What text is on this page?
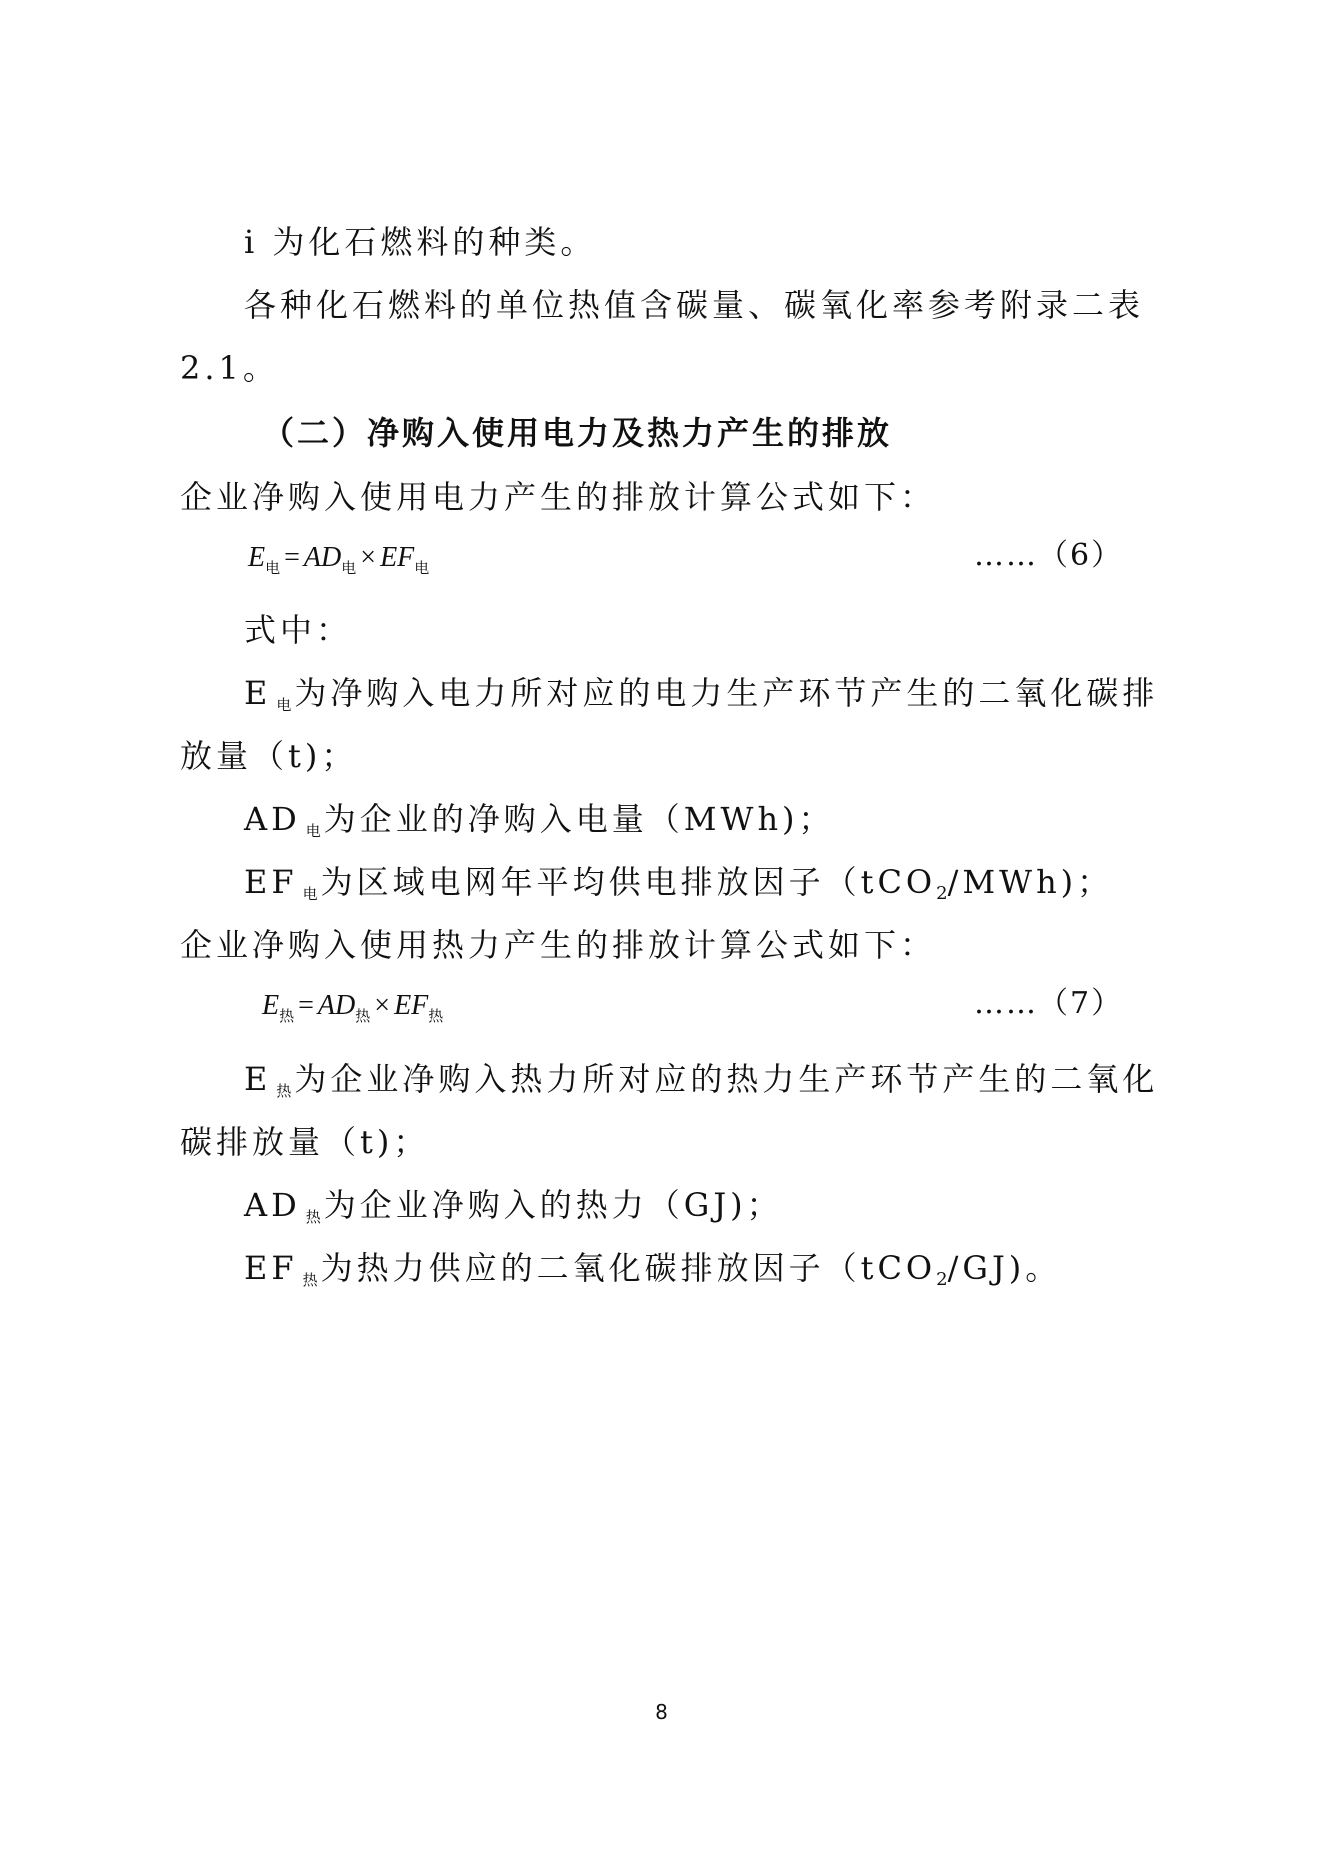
i 为化石燃料的种类。
各种化石燃料的单位热值含碳量、碳氧化率参考附录二表
2.1。
（二）净购入使用电力及热力产生的排放
企业净购入使用电力产生的排放计算公式如下：
$E_电 = AD_电 \times EF_电$	……（6）
式中：
E $_电$为净购入电力所对应的电力生产环节产生的二氧化碳排
放量（t)；
AD $_电$为企业的净购入电量（MWh)；
EF $_电$为区域电网年平均供电排放因子（tCO2/MWh)；
企业净购入使用热力产生的排放计算公式如下：
$E_热 = AD_热 \times EF_热$	……（7）
E $_热$为企业净购入热力所对应的热力生产环节产生的二氧化
碳排放量（t)；
AD $_热$为企业净购入的热力（GJ)；
EF $_热$为热力供应的二氧化碳排放因子（tCO2/GJ)。
8
